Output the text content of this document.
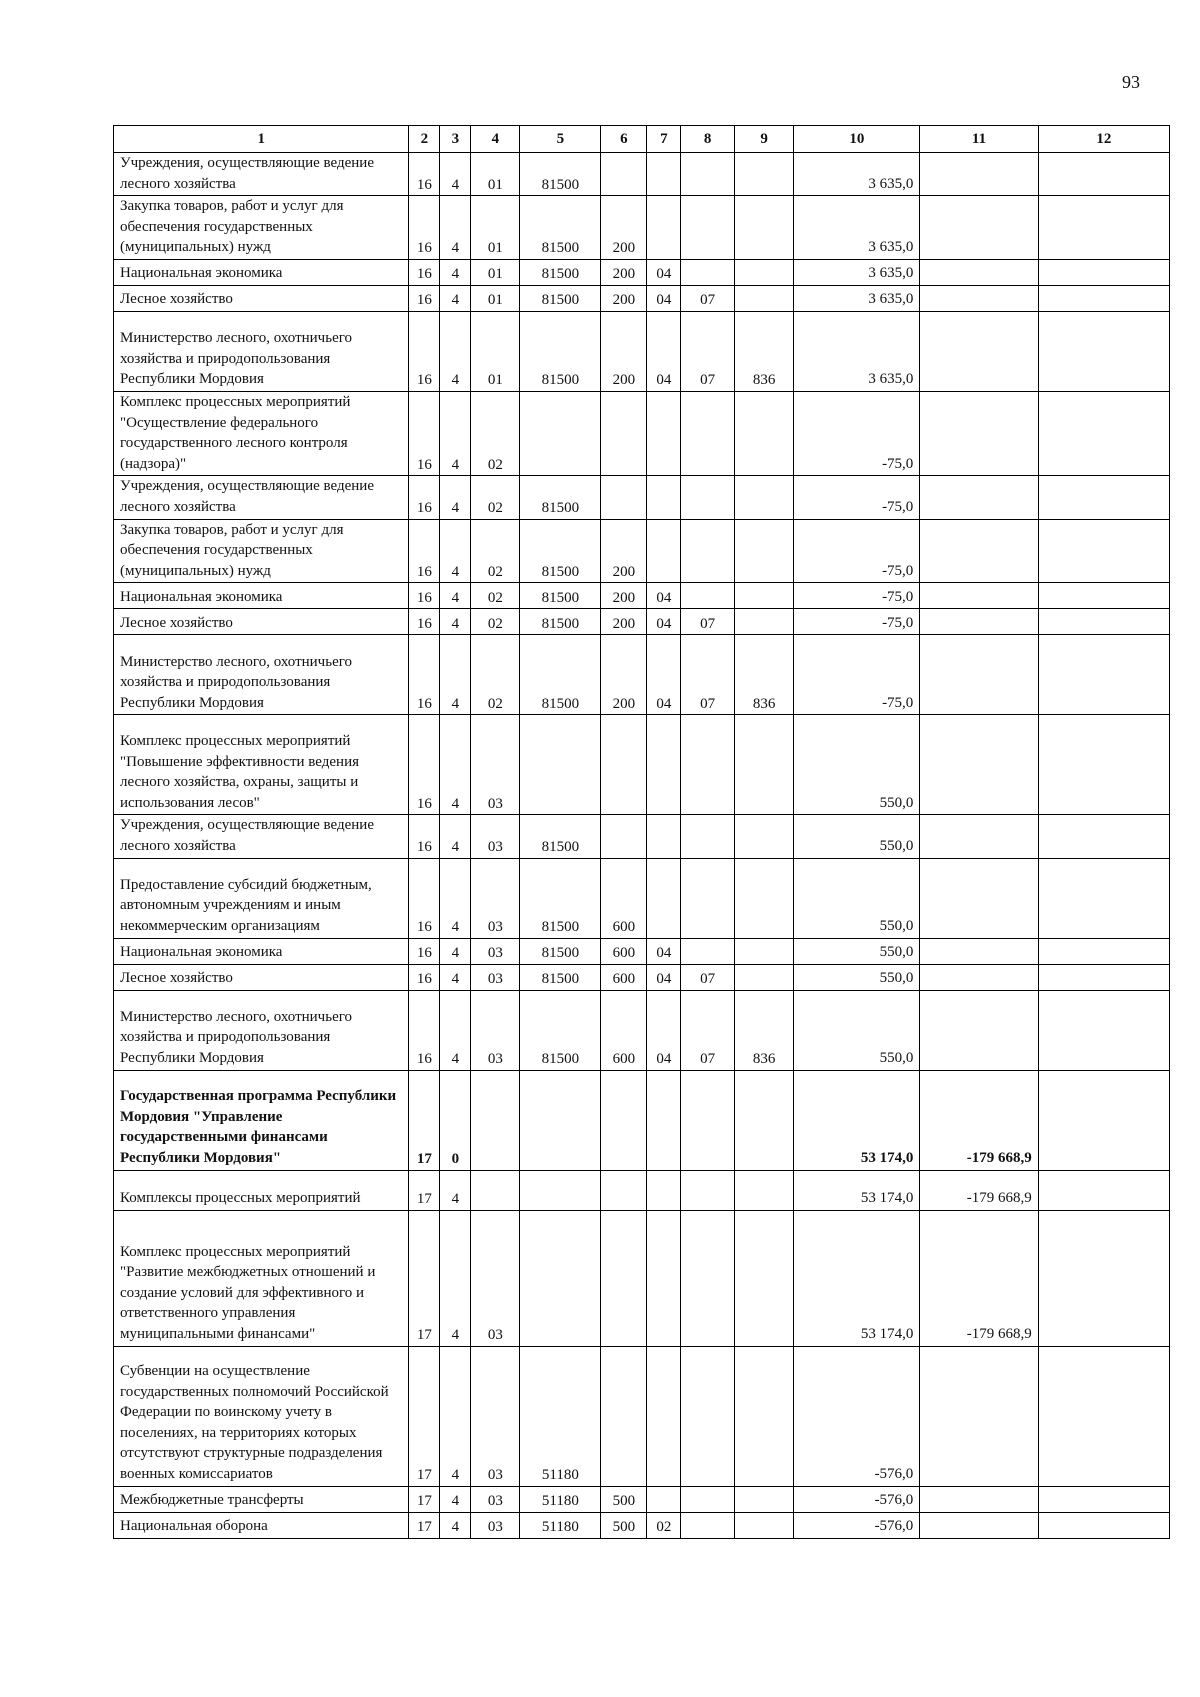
93
1	2	3	4	5	6	7	8	9	10	11	12
Учреждения, осуществляющие ведение лесного хозяйства	16	4	01	81500					3 635,0		
Закупка товаров, работ и услуг для обеспечения государственных (муниципальных) нужд	16	4	01	81500	200				3 635,0		
Национальная экономика	16	4	01	81500	200	04			3 635,0		
Лесное хозяйство	16	4	01	81500	200	04	07		3 635,0		
Министерство лесного, охотничьего хозяйства и природопользования Республики Мордовия	16	4	01	81500	200	04	07	836	3 635,0		
Комплекс процессных мероприятий "Осуществление федерального государственного лесного контроля (надзора)"	16	4	02						-75,0		
Учреждения, осуществляющие ведение лесного хозяйства	16	4	02	81500					-75,0		
Закупка товаров, работ и услуг для обеспечения государственных (муниципальных) нужд	16	4	02	81500	200				-75,0		
Национальная экономика	16	4	02	81500	200	04			-75,0		
Лесное хозяйство	16	4	02	81500	200	04	07		-75,0		
Министерство лесного, охотничьего хозяйства и природопользования Республики Мордовия	16	4	02	81500	200	04	07	836	-75,0		
Комплекс процессных мероприятий "Повышение эффективности ведения лесного хозяйства, охраны, защиты и использования лесов"	16	4	03						550,0		
Учреждения, осуществляющие ведение лесного хозяйства	16	4	03	81500					550,0		
Предоставление субсидий бюджетным, автономным учреждениям и иным некоммерческим организациям	16	4	03	81500	600				550,0		
Национальная экономика	16	4	03	81500	600	04			550,0		
Лесное хозяйство	16	4	03	81500	600	04	07		550,0		
Министерство лесного, охотничьего хозяйства и природопользования Республики Мордовия	16	4	03	81500	600	04	07	836	550,0		
Государственная программа Республики Мордовия "Управление государственными финансами Республики Мордовия"	17	0							53 174,0	-179 668,9	
Комплексы процессных мероприятий	17	4							53 174,0	-179 668,9	
Комплекс процессных мероприятий "Развитие межбюджетных отношений и создание условий для эффективного и ответственного управления муниципальными финансами"	17	4	03						53 174,0	-179 668,9	
Субвенции на осуществление государственных полномочий Российской Федерации по воинскому учету в поселениях, на территориях которых отсутствуют структурные подразделения военных комиссариатов	17	4	03	51180					-576,0		
Межбюджетные трансферты	17	4	03	51180	500				-576,0		
Национальная оборона	17	4	03	51180	500	02			-576,0		
